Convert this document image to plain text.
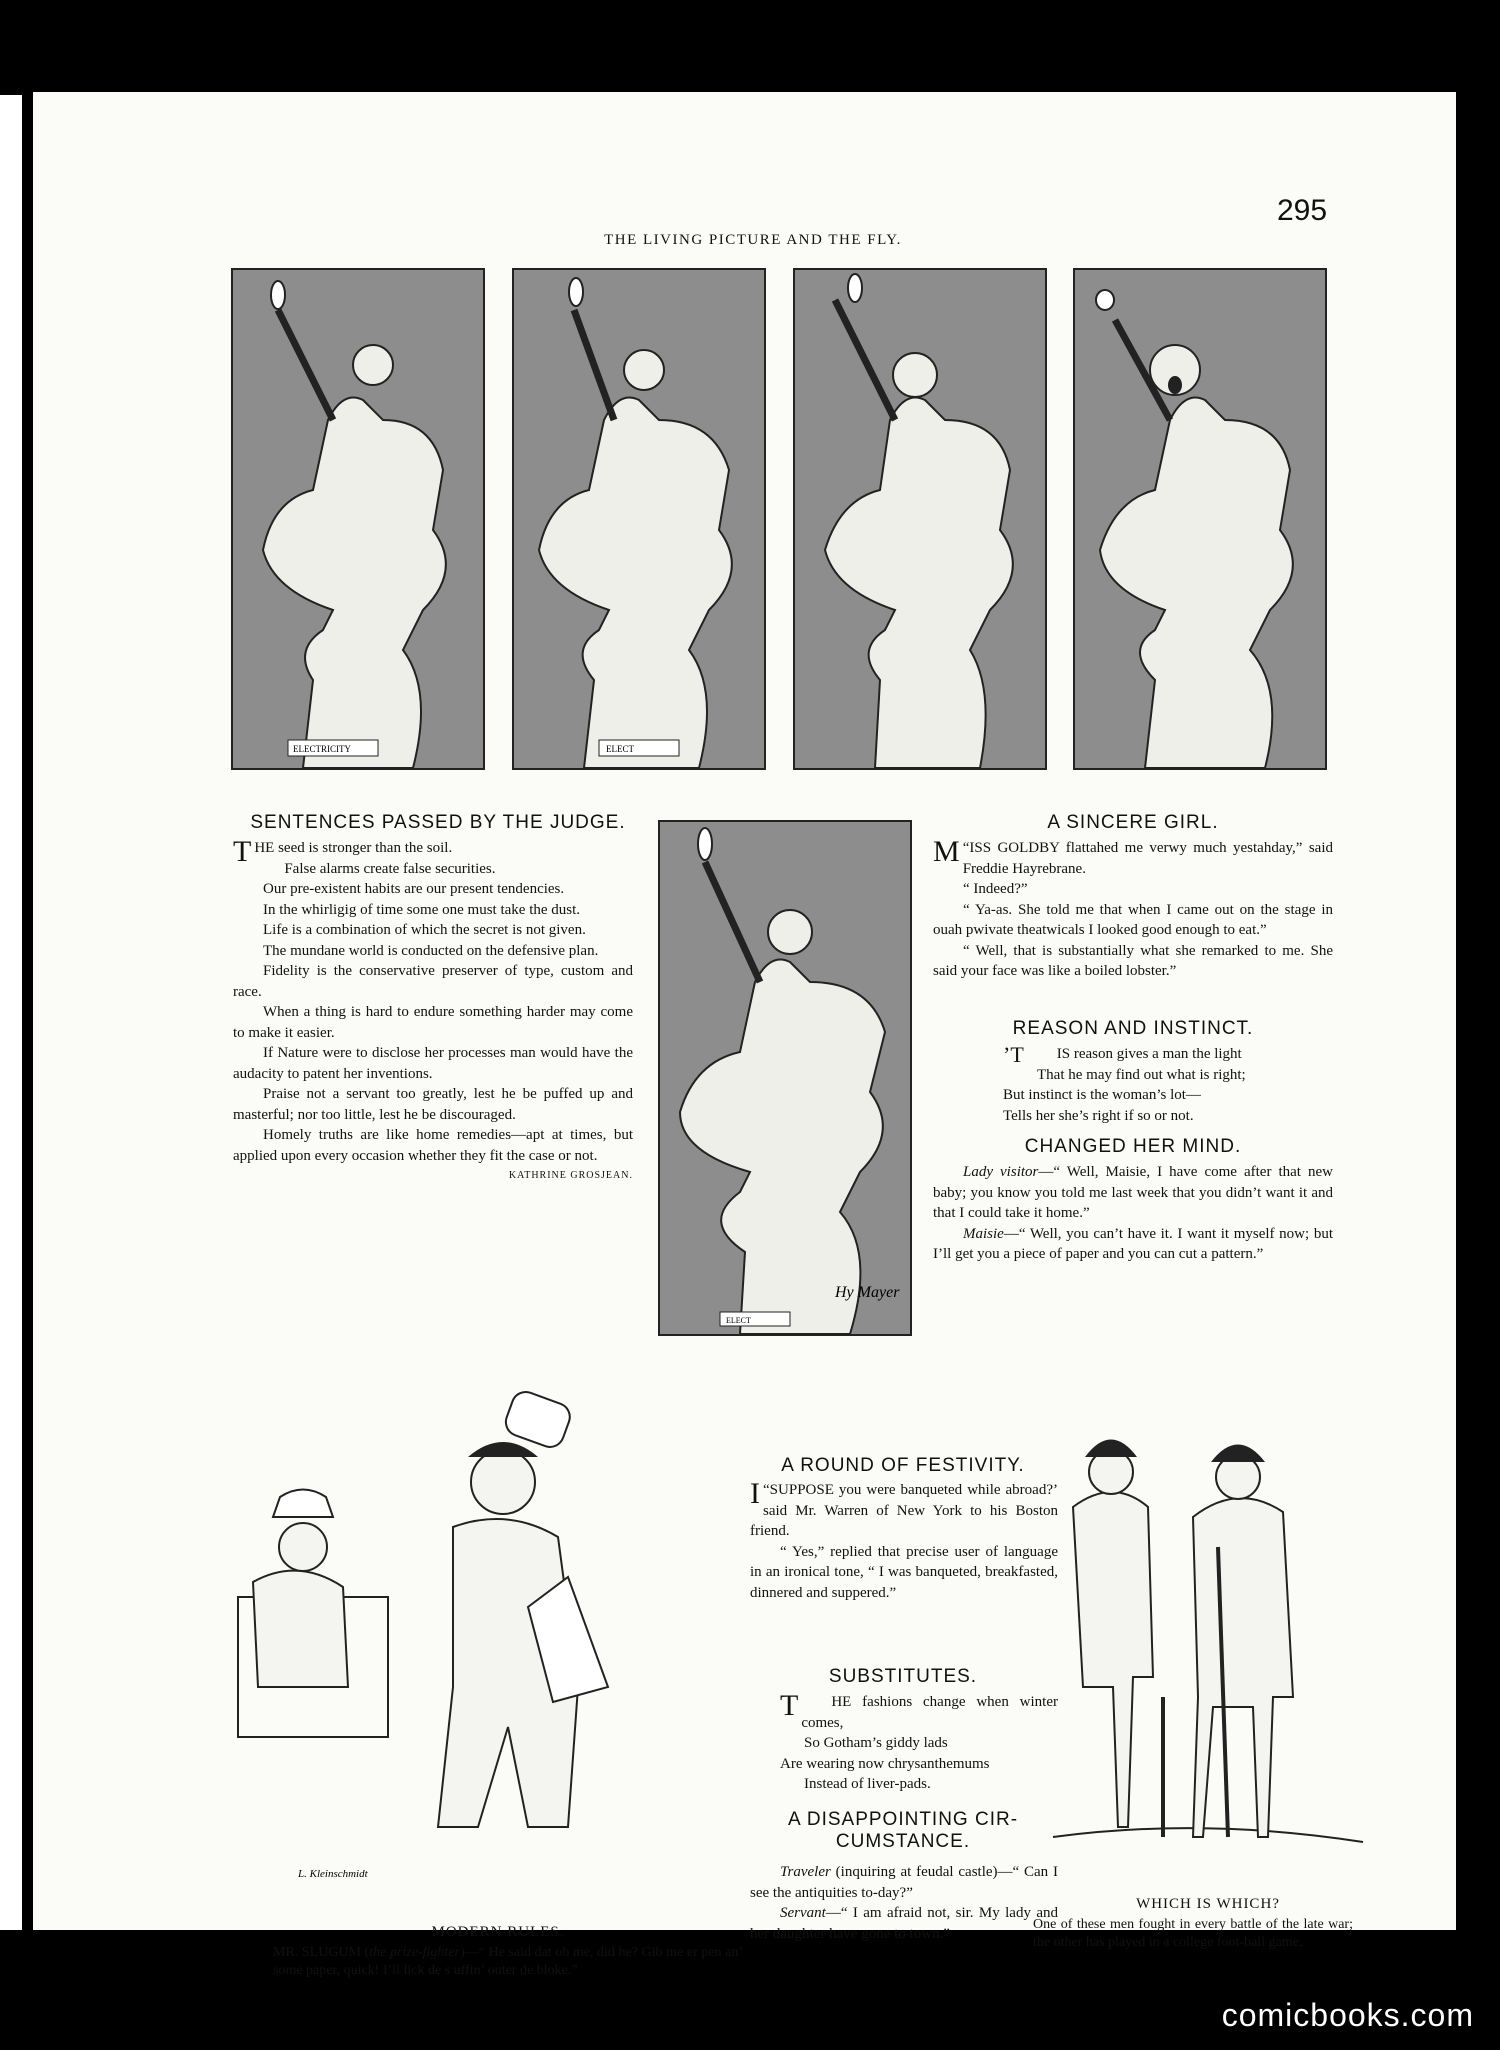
295
THE LIVING PICTURE AND THE FLY.
ELECTRICITY	ELECT
SENTENCES PASSED BY THE JUDGE.

THE seed is stronger than the soil.

False alarms create false securities.

Our pre-existent habits are our present tendencies.

In the whirligig of time some one must take the dust.

Life is a combination of which the secret is not given.

The mundane world is conducted on the defensive plan.

Fidelity is the conservative preserver of type, custom and race.

When a thing is hard to endure something harder may come to make it easier.

If Nature were to disclose her processes man would have the audacity to patent her inventions.

Praise not a servant too greatly, lest he be puffed up and masterful; nor too little, lest he be discouraged.

Homely truths are like home remedies—apt at times, but applied upon every occasion whether they fit the case or not.
KATHRINE GROSJEAN.

ELECT
Hy Mayer
A SINCERE GIRL.

“
M ISS GOLDBY flattahed me verwy much yestahday,” said Freddie Hayrebrane.

“ Indeed?”

“ Ya-as. She told me that when I came out on the stage in ouah pwivate theatwicals I looked good enough to eat.”

“ Well, that is substantially what she remarked to me. She said your face was like a boiled lobster.”

REASON AND INSTINCT.

’T IS reason gives a man the light

That he may find out what is right;

But instinct is the woman’s lot—

Tells her she’s right if so or not.

CHANGED HER MIND.

Lady visitor—“ Well, Maisie, I have come after that new baby; you know you told me last week that you didn’t want it and that I could take it home.”

Maisie—“ Well, you can’t have it. I want it myself now; but I’ll get you a piece of paper and you can cut a pattern.”

L. Kleinschmidt
MODERN RULES.
MR. SLUGUM (the prize-fighter)—“ He said dat ob me, did he? Gib me er pen an’ some paper, quick! I’ll lick de s uffin’ outer de bloke.”
A ROUND OF FESTIVITY.

“
I SUPPOSE you were banqueted while abroad?’ said Mr. Warren of New York to his Boston friend.

“ Yes,” replied that precise user of language in an ironical tone, “ I was banqueted, breakfasted, dinnered and suppered.”

SUBSTITUTES.

T HE fashions change when winter comes,

So Gotham’s giddy lads

Are wearing now chrysanthemums

Instead of liver-pads.

A DISAPPOINTING CIR-
CUMSTANCE.

Traveler (inquiring at feudal castle)—“ Can I see the antiquities to-day?”

Servant—“ I am afraid not, sir. My lady and her daughter have gone to town.”

WHICH IS WHICH?
One of these men fought in every battle of the late war; the other has played in a college foot-ball game.
comicbooks.com
